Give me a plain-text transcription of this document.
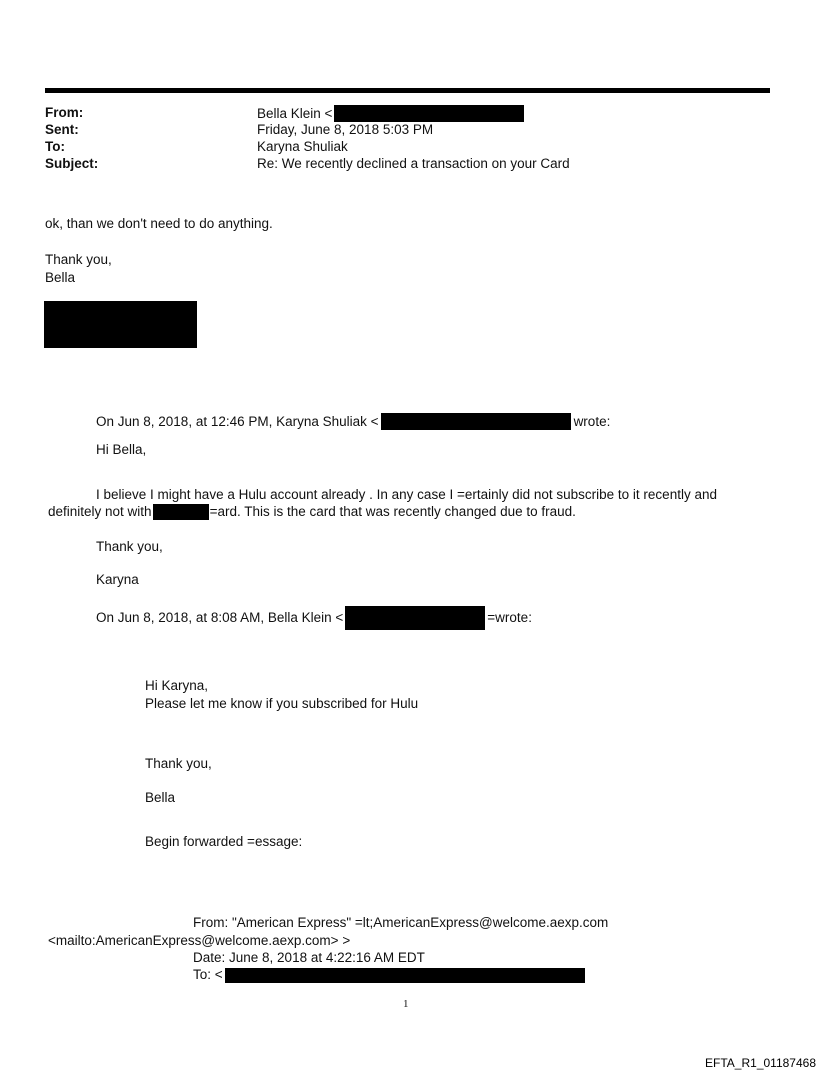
From:	Bella Klein <
Sent:	Friday, June 8, 2018 5:03 PM
To:	Karyna Shuliak
Subject:	Re: We recently declined a transaction on your Card
ok, than we don't need to do anything.
Thank you,
Bella
On Jun 8, 2018, at 12:46 PM, Karyna Shuliak <	wrote:
Hi Bella,
I believe I might have a Hulu account already . In any case I =ertainly did not subscribe to it recently and
definitely not with	=ard. This is the card that was recently changed due to fraud.
Thank you,
Karyna
On Jun 8, 2018, at 8:08 AM, Bella Klein <	=wrote:
Hi Karyna,
Please let me know if you subscribed for Hulu
Thank you,
Bella
Begin forwarded =essage:
From: "American Express" =lt;AmericanExpress@welcome.aexp.com
<mailto:AmericanExpress@welcome.aexp.com> >
Date: June 8, 2018 at 4:22:16 AM EDT
To: <
1
EFTA_R1_01187468
